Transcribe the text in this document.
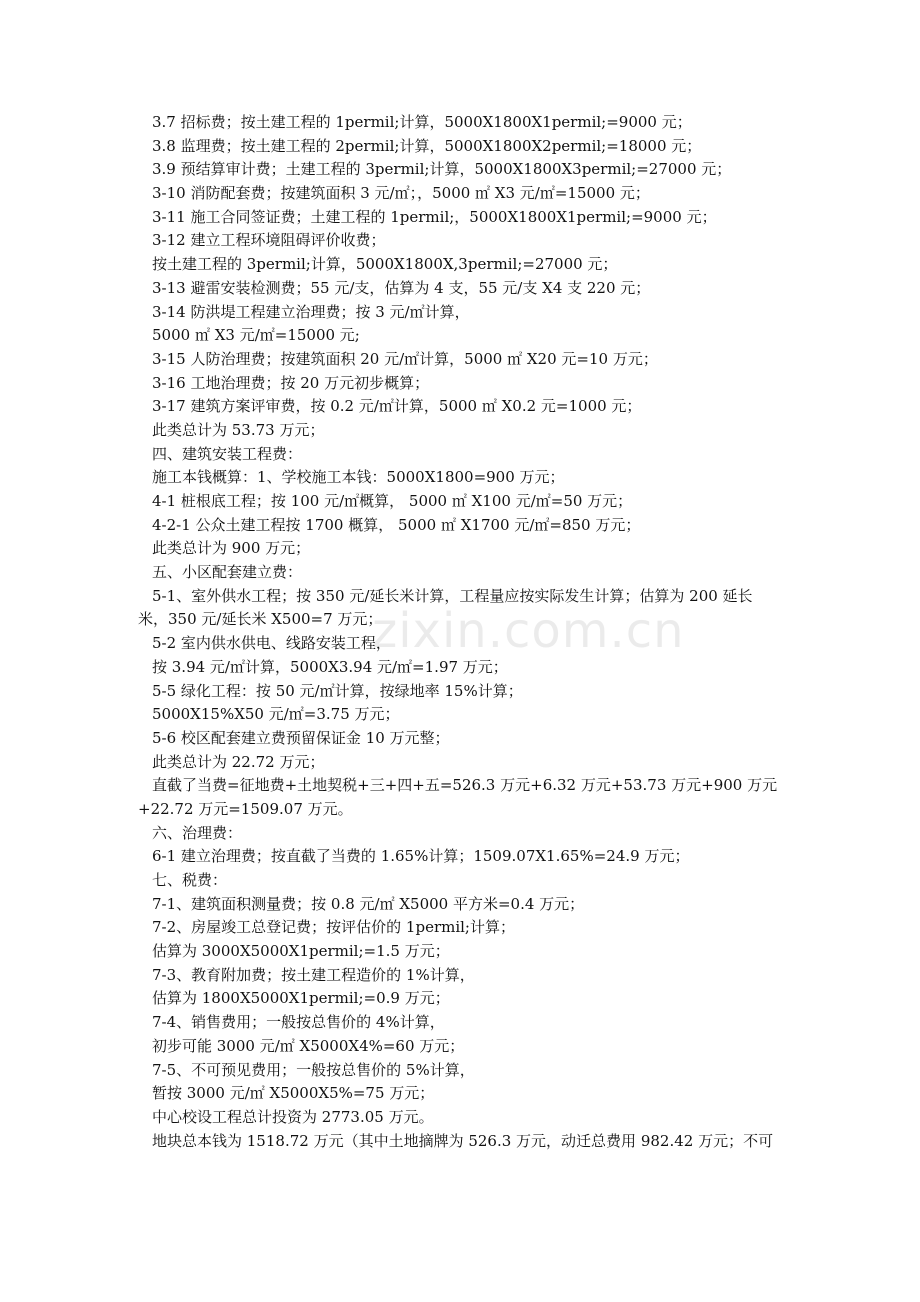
zixin.com.cn
3.7 招标费；按土建工程的 1permil;计算，5000X1800X1permil;=9000 元；
3.8 监理费；按土建工程的 2permil;计算，5000X1800X2permil;=18000 元；
3.9 预结算审计费；土建工程的 3permil;计算，5000X1800X3permil;=27000 元；
3-10 消防配套费；按建筑面积 3 元/㎡；，5000 ㎡ X3 元/㎡=15000 元；
3-11 施工合同签证费；土建工程的 1permil;，5000X1800X1permil;=9000 元；
3-12 建立工程环境阻碍评价收费；
按土建工程的 3permil;计算，5000X1800X,3permil;=27000 元；
3-13 避雷安装检测费；55 元/支，估算为 4 支，55 元/支 X4 支 220 元；
3-14 防洪堤工程建立治理费；按 3 元/㎡计算，
5000 ㎡ X3 元/㎡=15000 元;
3-15 人防治理费；按建筑面积 20 元/㎡计算，5000 ㎡ X20 元=10 万元；
3-16 工地治理费；按 20 万元初步概算；
3-17 建筑方案评审费，按 0.2 元/㎡计算，5000 ㎡ X0.2 元=1000 元；
此类总计为 53.73 万元；
四、建筑安装工程费：
施工本钱概算：1、学校施工本钱：5000X1800=900 万元；
4-1 桩根底工程；按 100 元/㎡概算， 5000 ㎡ X100 元/㎡=50 万元；
4-2-1 公众土建工程按 1700 概算， 5000 ㎡ X1700 元/㎡=850 万元；
此类总计为 900 万元；
五、小区配套建立费：
5-1、室外供水工程；按 350 元/延长米计算，工程量应按实际发生计算；估算为 200 延长
米，350 元/延长米 X500=7 万元；
5-2 室内供水供电、线路安装工程，
按 3.94 元/㎡计算，5000X3.94 元/㎡=1.97 万元；
5-5 绿化工程：按 50 元/㎡计算，按绿地率 15%计算；
5000X15%X50 元/㎡=3.75 万元；
5-6 校区配套建立费预留保证金 10 万元整；
此类总计为 22.72 万元；
直截了当费=征地费+土地契税+三+四+五=526.3 万元+6.32 万元+53.73 万元+900 万元
+22.72 万元=1509.07 万元。
六、治理费：
6-1 建立治理费；按直截了当费的 1.65%计算；1509.07X1.65%=24.9 万元；
七、税费：
7-1、建筑面积测量费；按 0.8 元/㎡ X5000 平方米=0.4 万元；
7-2、房屋竣工总登记费；按评估价的 1permil;计算；
估算为 3000X5000X1permil;=1.5 万元；
7-3、教育附加费；按土建工程造价的 1%计算，
估算为 1800X5000X1permil;=0.9 万元；
7-4、销售费用；一般按总售价的 4%计算，
初步可能 3000 元/㎡ X5000X4%=60 万元；
7-5、不可预见费用；一般按总售价的 5%计算，
暂按 3000 元/㎡ X5000X5%=75 万元；
中心校设工程总计投资为 2773.05 万元。
地块总本钱为 1518.72 万元（其中土地摘牌为 526.3 万元，动迁总费用 982.42 万元；不可
